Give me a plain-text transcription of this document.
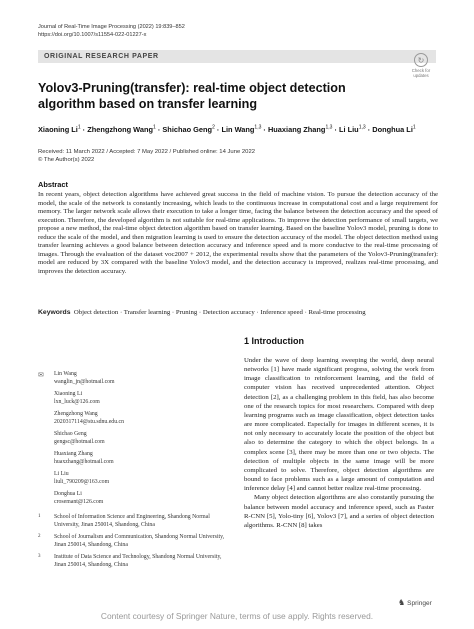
Journal of Real-Time Image Processing (2022) 19:839–852
https://doi.org/10.1007/s11554-022-01227-x
ORIGINAL RESEARCH PAPER	↻
Check for
updates
Yolov3-Pruning(transfer): real-time object detection algorithm based on transfer learning
Xiaoning $Li^1$ · Zhengzhong Wang$^1$ · Shichao Geng$^2$ · Lin Wang$^{1,3}$ · Huaxiang Zhang$^{1,3}$ · Li Liu$^{1,3}$ · Donghua Li$^1$
Received: 11 March 2022 / Accepted: 7 May 2022 / Published online: 14 June 2022
© The Author(s) 2022
Abstract
In recent years, object detection algorithms have achieved great success in the field of machine vision. To pursue the detection accuracy of the model, the scale of the network is constantly increasing, which leads to the continuous increase in computational cost and a large requirement for memory. The larger network scale allows their execution to take a longer time, facing the balance between the detection accuracy and the speed of execution. Therefore, the developed algorithm is not suitable for real-time applications. To improve the detection performance of small targets, we propose a new method, the real-time object detection algorithm based on transfer learning. Based on the baseline Yolov3 model, pruning is done to reduce the scale of the model, and then migration learning is used to ensure the detection accuracy of the model. The object detection method using transfer learning achieves a good balance between detection accuracy and inference speed and is more conducive to the real-time processing of images. Through the evaluation of the dataset voc2007 + 2012, the experimental results show that the parameters of the Yolov3-Pruning(transfer): model are reduced by 3X compared with the baseline Yolov3 model, and the detection accuracy is improved, realizes real-time processing, and improves the detection accuracy.
Keywords Object detection · Transfer learning · Pruning · Detection accuracy · Inference speed · Real-time processing
✉ Lin Wang
wanglin_jn@hotmail.com
Xiaoning Li
lxn_luck@126.com
Zhengzhong Wang
2020317114@stu.sdnu.edu.cn
Shichao Geng
gengsc@hotmail.com
Huaxiang Zhang
huaxzhang@hotmail.com
Li Liu
liuli_790209@163.com
Donghua Li
crosemant@126.com
1 School of Information Science and Engineering, Shandong Normal University, Jinan 250014, Shandong, China
2 School of Journalism and Communication, Shandong Normal University, Jinan 250014, Shandong, China
3 Institute of Data Science and Technology, Shandong Normal University, Jinan 250014, Shandong, China
1 Introduction

Under the wave of deep learning sweeping the world, deep neural networks [1] have made significant progress, solving the work from image classification to reinforcement learning, and the field of computer vision has received unprecedented attention. Object detection [2], as a challenging problem in this field, has also become one of the research topics for most researchers. Compared with deep learning programs such as image classification, object detection tasks are more complicated. Especially for images in different scenes, it is not only necessary to accurately locate the position of the object but also to determine the category to which the object belongs. In a complex scene [3], there may be more than one or two objects. The detection of multiple objects in the same image will be more complicated to solve. Therefore, object detection algorithms are bound to face problems such as a large amount of computation and inference delay [4] and cannot better realize real-time processing.

Many object detection algorithms are also constantly pursuing the balance between model accuracy and inference speed, such as Faster R-CNN [5], Yolo-tiny [6], Yolov3 [7], and a series of object detection algorithms. R-CNN [8] takes

♞ Springer
Content courtesy of Springer Nature, terms of use apply. Rights reserved.
